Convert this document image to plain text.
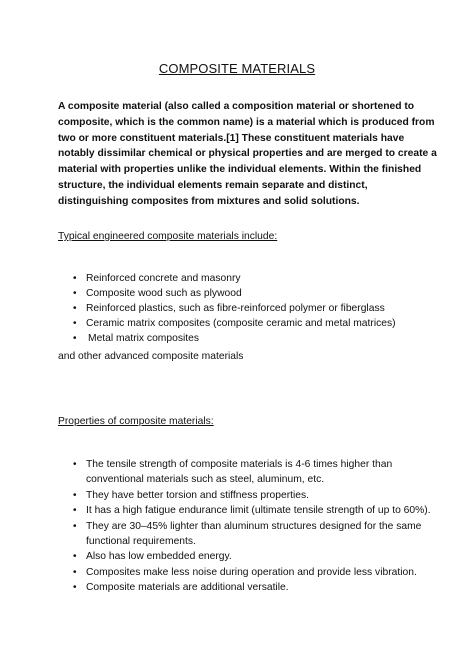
COMPOSITE MATERIALS

A composite material (also called a composition material or shortened to composite, which is the common name) is a material which is produced from two or more constituent materials.[1] These constituent materials have notably dissimilar chemical or physical properties and are merged to create a material with properties unlike the individual elements. Within the finished structure, the individual elements remain separate and distinct, distinguishing composites from mixtures and solid solutions.

Typical engineered composite materials include:

• Reinforced concrete and masonry
• Composite wood such as plywood
• Reinforced plastics, such as fibre-reinforced polymer or fiberglass
• Ceramic matrix composites (composite ceramic and metal matrices)
• Metal matrix composites

and other advanced composite materials

Properties of composite materials:

• The tensile strength of composite materials is 4-6 times higher than conventional materials such as steel, aluminum, etc.
• They have better torsion and stiffness properties.
• It has a high fatigue endurance limit (ultimate tensile strength of up to 60%).
• They are 30–45% lighter than aluminum structures designed for the same functional requirements.
• Also has low embedded energy.
• Composites make less noise during operation and provide less vibration.
• Composite materials are additional versatile.
